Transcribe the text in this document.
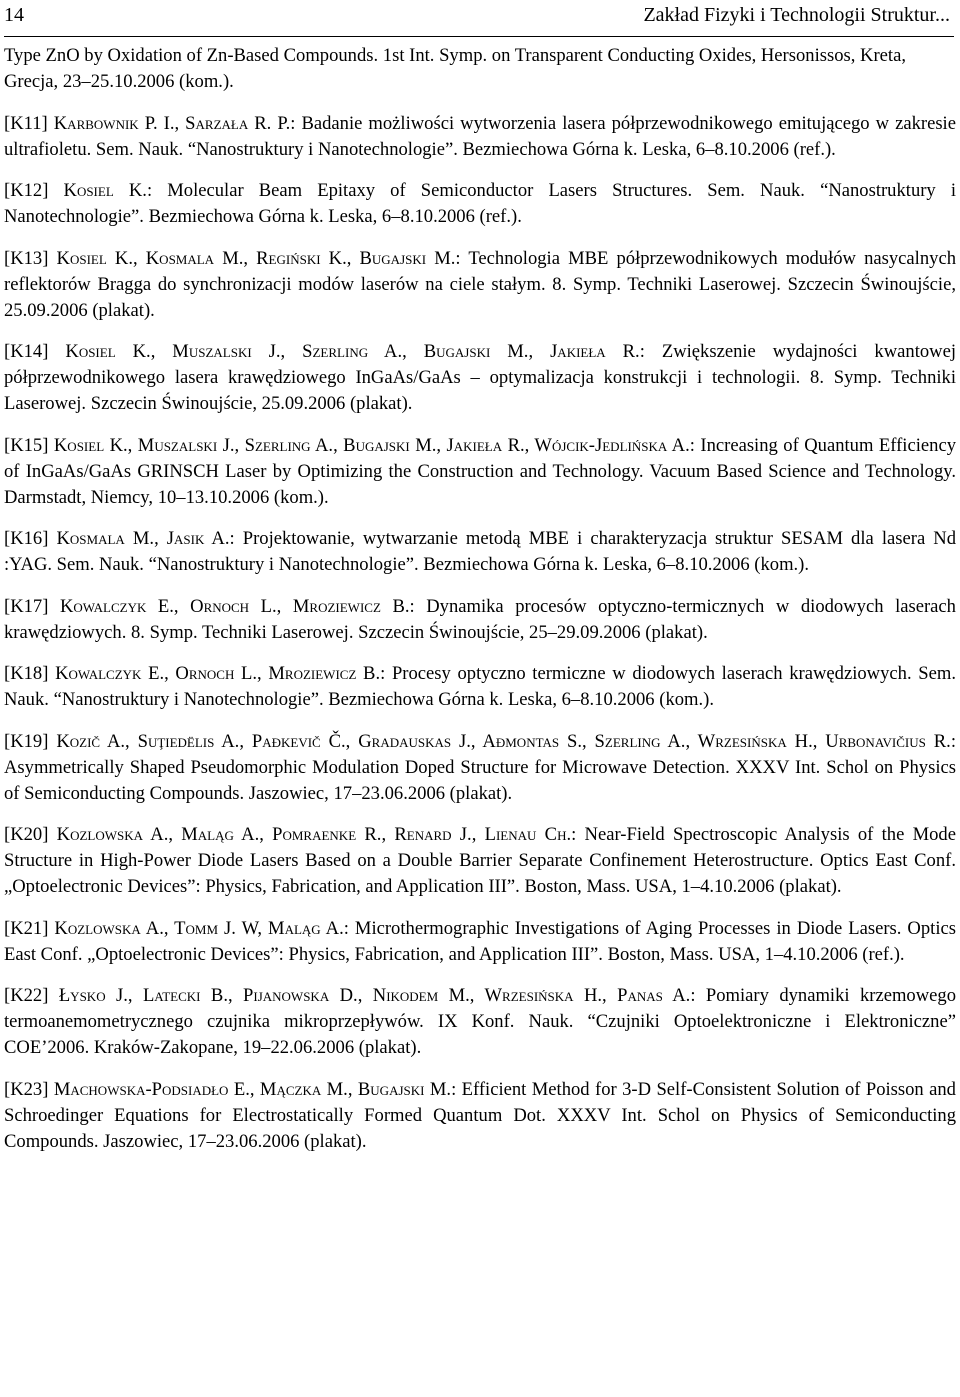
14	Zakład Fizyki i Technologii Struktur...

Type ZnO by Oxidation of Zn-Based Compounds. 1st Int. Symp. on Transparent Conducting Oxides, Hersonissos, Kreta, Grecja, 23–25.10.2006 (kom.).

[K11] Karbownik P. I., Sarzała R. P.: Badanie możliwości wytworzenia lasera półprzewodnikowego emitującego w zakresie ultrafioletu. Sem. Nauk. “Nanostruktury i Nanotechnologie”. Bezmiechowa Górna k. Leska, 6–8.10.2006 (ref.).

[K12] Kosiel K.: Molecular Beam Epitaxy of Semiconductor Lasers Structures. Sem. Nauk. “Nanostruktury i Nanotechnologie”. Bezmiechowa Górna k. Leska, 6–8.10.2006 (ref.).

[K13] Kosiel K., Kosmala M., Regiński K., Bugajski M.: Technologia MBE półprzewodnikowych modułów nasycalnych reflektorów Bragga do synchronizacji modów laserów na ciele stałym. 8. Symp. Techniki Laserowej. Szczecin Świnoujście, 25.09.2006 (plakat).

[K14] Kosiel K., Muszalski J., Szerling A., Bugajski M., Jakieła R.: Zwiększenie wydajności kwantowej półprzewodnikowego lasera krawędziowego InGaAs/GaAs – optymalizacja konstrukcji i technologii. 8. Symp. Techniki Laserowej. Szczecin Świnoujście, 25.09.2006 (plakat).

[K15] Kosiel K., Muszalski J., Szerling A., Bugajski M., Jakieła R., Wójcik-Jedlińska A.: Increasing of Quantum Efficiency of InGaAs/GaAs GRINSCH Laser by Optimizing the Construction and Technology. Vacuum Based Science and Technology. Darmstadt, Niemcy, 10–13.10.2006 (kom.).

[K16] Kosmala M., Jasik A.: Projektowanie, wytwarzanie metodą MBE i charakteryzacja struktur SESAM dla lasera Nd :YAG. Sem. Nauk. “Nanostruktury i Nanotechnologie”. Bezmiechowa Górna k. Leska, 6–8.10.2006 (kom.).

[K17] Kowalczyk E., Ornoch L., Mroziewicz B.: Dynamika procesów optyczno-termicznych w diodowych laserach krawędziowych. 8. Symp. Techniki Laserowej. Szczecin Świnoujście, 25–29.09.2006 (plakat).

[K18] Kowalczyk E., Ornoch L., Mroziewicz B.: Procesy optyczno termiczne w diodowych laserach krawędziowych. Sem. Nauk. “Nanostruktury i Nanotechnologie”. Bezmiechowa Górna k. Leska, 6–8.10.2006 (kom.).

[K19] Kozič A., Suţiedëlis A., Pađkevič Č., Gradauskas J., Ađmontas S., Szerling A., Wrzesińska H., Urbonavičius R.: Asymmetrically Shaped Pseudomorphic Modulation Doped Structure for Microwave Detection. XXXV Int. Schol on Physics of Semiconducting Compounds. Jaszowiec, 17–23.06.2006 (plakat).

[K20] Kozlowska A., Maląg A., Pomraenke R., Renard J., Lienau Ch.: Near-Field Spectroscopic Analysis of the Mode Structure in High-Power Diode Lasers Based on a Double Barrier Separate Confinement Heterostructure. Optics East Conf. „Optoelectronic Devices”: Physics, Fabrication, and Application III”. Boston, Mass. USA, 1–4.10.2006 (plakat).

[K21] Kozlowska A., Tomm J. W, Maląg A.: Microthermographic Investigations of Aging Processes in Diode Lasers. Optics East Conf. „Optoelectronic Devices”: Physics, Fabrication, and Application III”. Boston, Mass. USA, 1–4.10.2006 (ref.).

[K22] Łysko J., Latecki B., Pijanowska D., Nikodem M., Wrzesińska H., Panas A.: Pomiary dynamiki krzemowego termoanemometrycznego czujnika mikroprzepływów. IX Konf. Nauk. “Czujniki Optoelektroniczne i Elektroniczne” COE’2006. Kraków-Zakopane, 19–22.06.2006 (plakat).

[K23] Machowska-Podsiadło E., Mączka M., Bugajski M.: Efficient Method for 3-D Self-Consistent Solution of Poisson and Schroedinger Equations for Electrostatically Formed Quantum Dot. XXXV Int. Schol on Physics of Semiconducting Compounds. Jaszowiec, 17–23.06.2006 (plakat).
